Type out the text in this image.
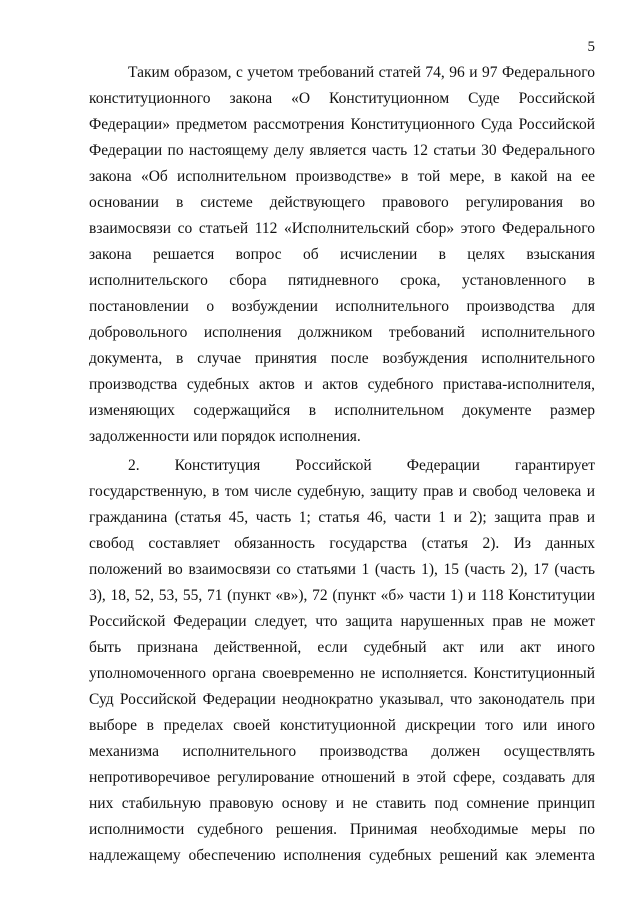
5
Таким образом, с учетом требований статей 74, 96 и 97 Федерального
конституционного закона «О Конституционном Суде Российской
Федерации» предметом рассмотрения Конституционного Суда Российской
Федерации по настоящему делу является часть 12 статьи 30 Федерального
закона «Об исполнительном производстве» в той мере, в какой на ее
основании в системе действующего правового регулирования во
взаимосвязи со статьей 112 «Исполнительский сбор» этого Федерального
закона решается вопрос об исчислении в целях взыскания
исполнительского сбора пятидневного срока, установленного в
постановлении о возбуждении исполнительного производства для
добровольного исполнения должником требований исполнительного
документа, в случае принятия после возбуждения исполнительного
производства судебных актов и актов судебного пристава-исполнителя,
изменяющих содержащийся в исполнительном документе размер
задолженности или порядок исполнения.
2. Конституция Российской Федерации гарантирует
государственную, в том числе судебную, защиту прав и свобод человека и
гражданина (статья 45, часть 1; статья 46, части 1 и 2); защита прав и
свобод составляет обязанность государства (статья 2). Из данных
положений во взаимосвязи со статьями 1 (часть 1), 15 (часть 2), 17 (часть
3), 18, 52, 53, 55, 71 (пункт «в»), 72 (пункт «б» части 1) и 118 Конституции
Российской Федерации следует, что защита нарушенных прав не может
быть признана действенной, если судебный акт или акт иного
уполномоченного органа своевременно не исполняется. Конституционный
Суд Российской Федерации неоднократно указывал, что законодатель при
выборе в пределах своей конституционной дискреции того или иного
механизма исполнительного производства должен осуществлять
непротиворечивое регулирование отношений в этой сфере, создавать для
них стабильную правовую основу и не ставить под сомнение принцип
исполнимости судебного решения. Принимая необходимые меры по
надлежащему обеспечению исполнения судебных решений как элемента
